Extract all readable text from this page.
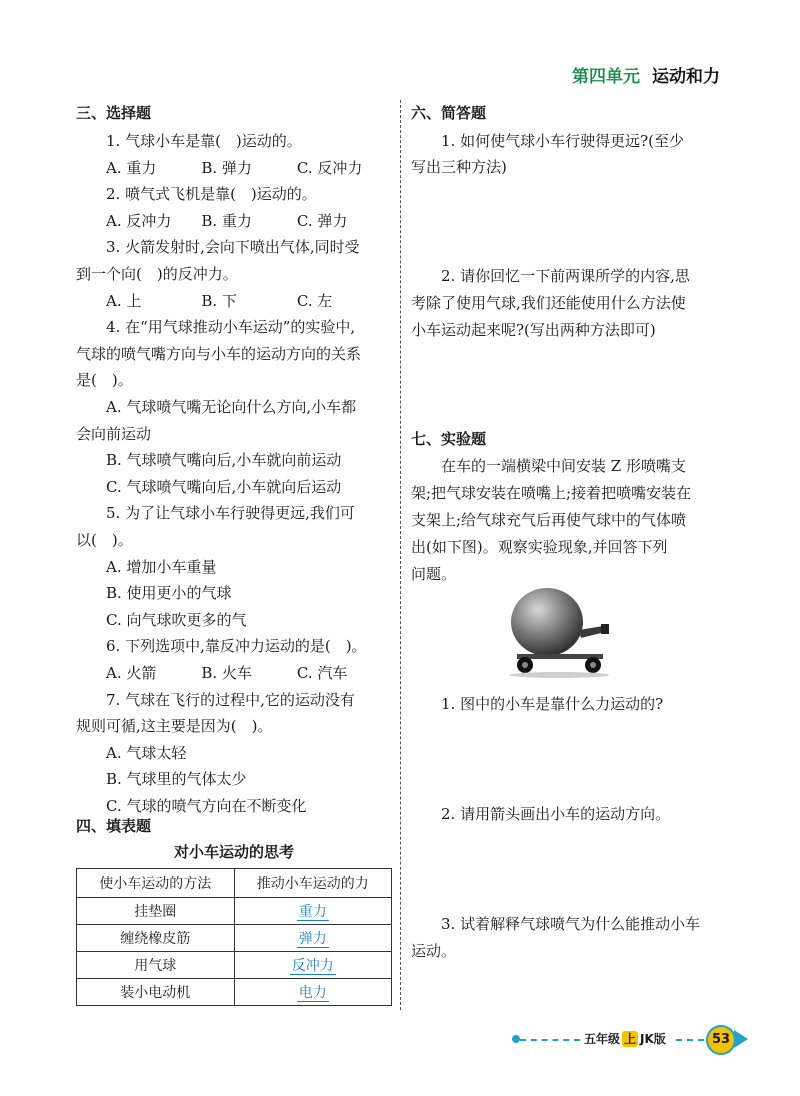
第四单元 运动和力
三、选择题
1. 气球小车是靠(　)运动的。
A. 重力　　　B. 弹力　　　C. 反冲力
2. 喷气式飞机是靠(　)运动的。
A. 反冲力　　B. 重力　　　C. 弹力
3. 火箭发射时,会向下喷出气体,同时受
到一个向(　)的反冲力。
A. 上　　　　B. 下　　　　C. 左
4. 在“用气球推动小车运动”的实验中,
气球的喷气嘴方向与小车的运动方向的关系
是(　)。
A. 气球喷气嘴无论向什么方向,小车都
会向前运动
B. 气球喷气嘴向后,小车就向前运动
C. 气球喷气嘴向后,小车就向后运动
5. 为了让气球小车行驶得更远,我们可
以(　)。
A. 增加小车重量
B. 使用更小的气球
C. 向气球吹更多的气
6. 下列选项中,靠反冲力运动的是(　)。
A. 火箭　　　B. 火车　　　C. 汽车
7. 气球在飞行的过程中,它的运动没有
规则可循,这主要是因为(　)。
A. 气球太轻
B. 气球里的气体太少
C. 气球的喷气方向在不断变化
四、填表题
对小车运动的思考
使小车运动的方法	推动小车运动的力
挂垫圈	重力
缠绕橡皮筋	弹力
用气球	反冲力
装小电动机	电力
六、简答题
1. 如何使气球小车行驶得更远?(至少
写出三种方法)
2. 请你回忆一下前两课所学的内容,思
考除了使用气球,我们还能使用什么方法使
小车运动起来呢?(写出两种方法即可)
七、实验题
在车的一端横梁中间安装 Z 形喷嘴支
架;把气球安装在喷嘴上;接着把喷嘴安装在
支架上;给气球充气后再使气球中的气体喷
出(如下图)。观察实验现象,并回答下列
问题。
1. 图中的小车是靠什么力运动的?
2. 请用箭头画出小车的运动方向。
3. 试着解释气球喷气为什么能推动小车
运动。
五年级 上 JK版	53
